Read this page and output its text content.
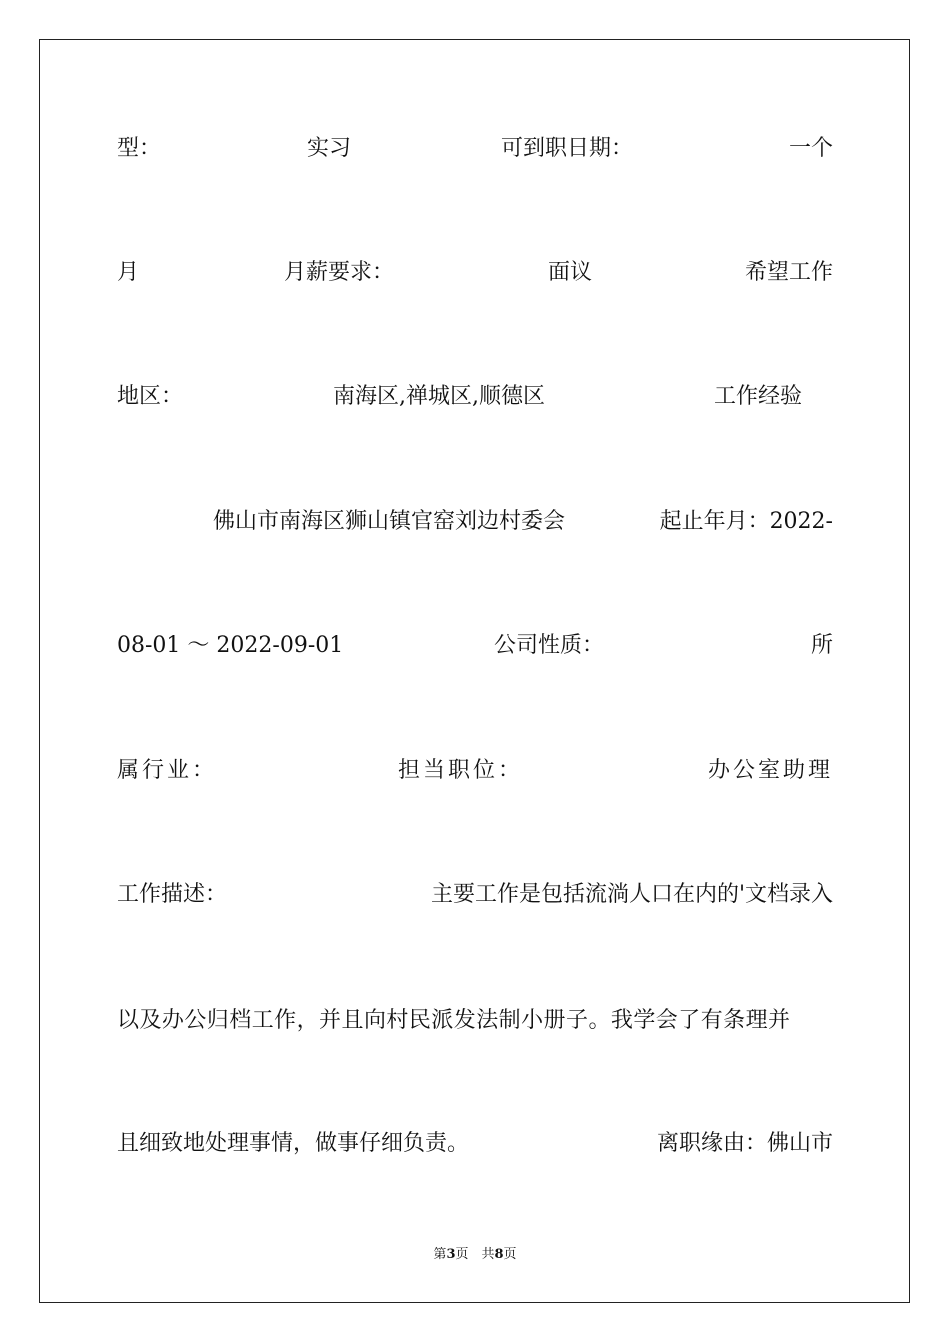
型：	实习	可到职日期：	一个
月	月薪要求：	面议	希望工作
地区：	南海区,禅城区,顺德区	工作经验
佛山市南海区狮山镇官窑刘边村委会	起止年月：2022-
08-01 ～ 2022-09-01	公司性质：	所
属行业：	担当职位：	办公室助理
工作描述：	主要工作是包括流淌人口在内的'文档录入
以及办公归档工作，并且向村民派发法制小册子。我学会了有条理并
且细致地处理事情，做事仔细负责。	离职缘由：佛山市
第3页　共8页
